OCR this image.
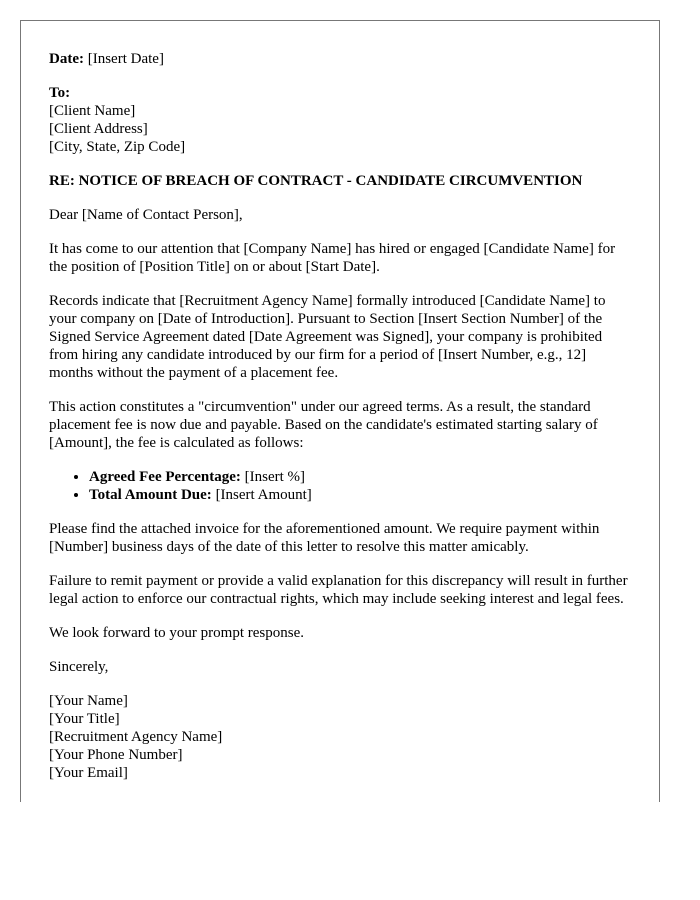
Date: [Insert Date]

To:
[Client Name]
[Client Address]
[City, State, Zip Code]

RE: NOTICE OF BREACH OF CONTRACT - CANDIDATE CIRCUMVENTION

Dear [Name of Contact Person],

It has come to our attention that [Company Name] has hired or engaged [Candidate Name] for the position of [Position Title] on or about [Start Date].

Records indicate that [Recruitment Agency Name] formally introduced [Candidate Name] to your company on [Date of Introduction]. Pursuant to Section [Insert Section Number] of the Signed Service Agreement dated [Date Agreement was Signed], your company is prohibited from hiring any candidate introduced by our firm for a period of [Insert Number, e.g., 12] months without the payment of a placement fee.

This action constitutes a "circumvention" under our agreed terms. As a result, the standard placement fee is now due and payable. Based on the candidate's estimated starting salary of [Amount], the fee is calculated as follows:

• Agreed Fee Percentage: [Insert %]
• Total Amount Due: [Insert Amount]

Please find the attached invoice for the aforementioned amount. We require payment within [Number] business days of the date of this letter to resolve this matter amicably.

Failure to remit payment or provide a valid explanation for this discrepancy will result in further legal action to enforce our contractual rights, which may include seeking interest and legal fees.

We look forward to your prompt response.

Sincerely,

[Your Name]
[Your Title]
[Recruitment Agency Name]
[Your Phone Number]
[Your Email]
